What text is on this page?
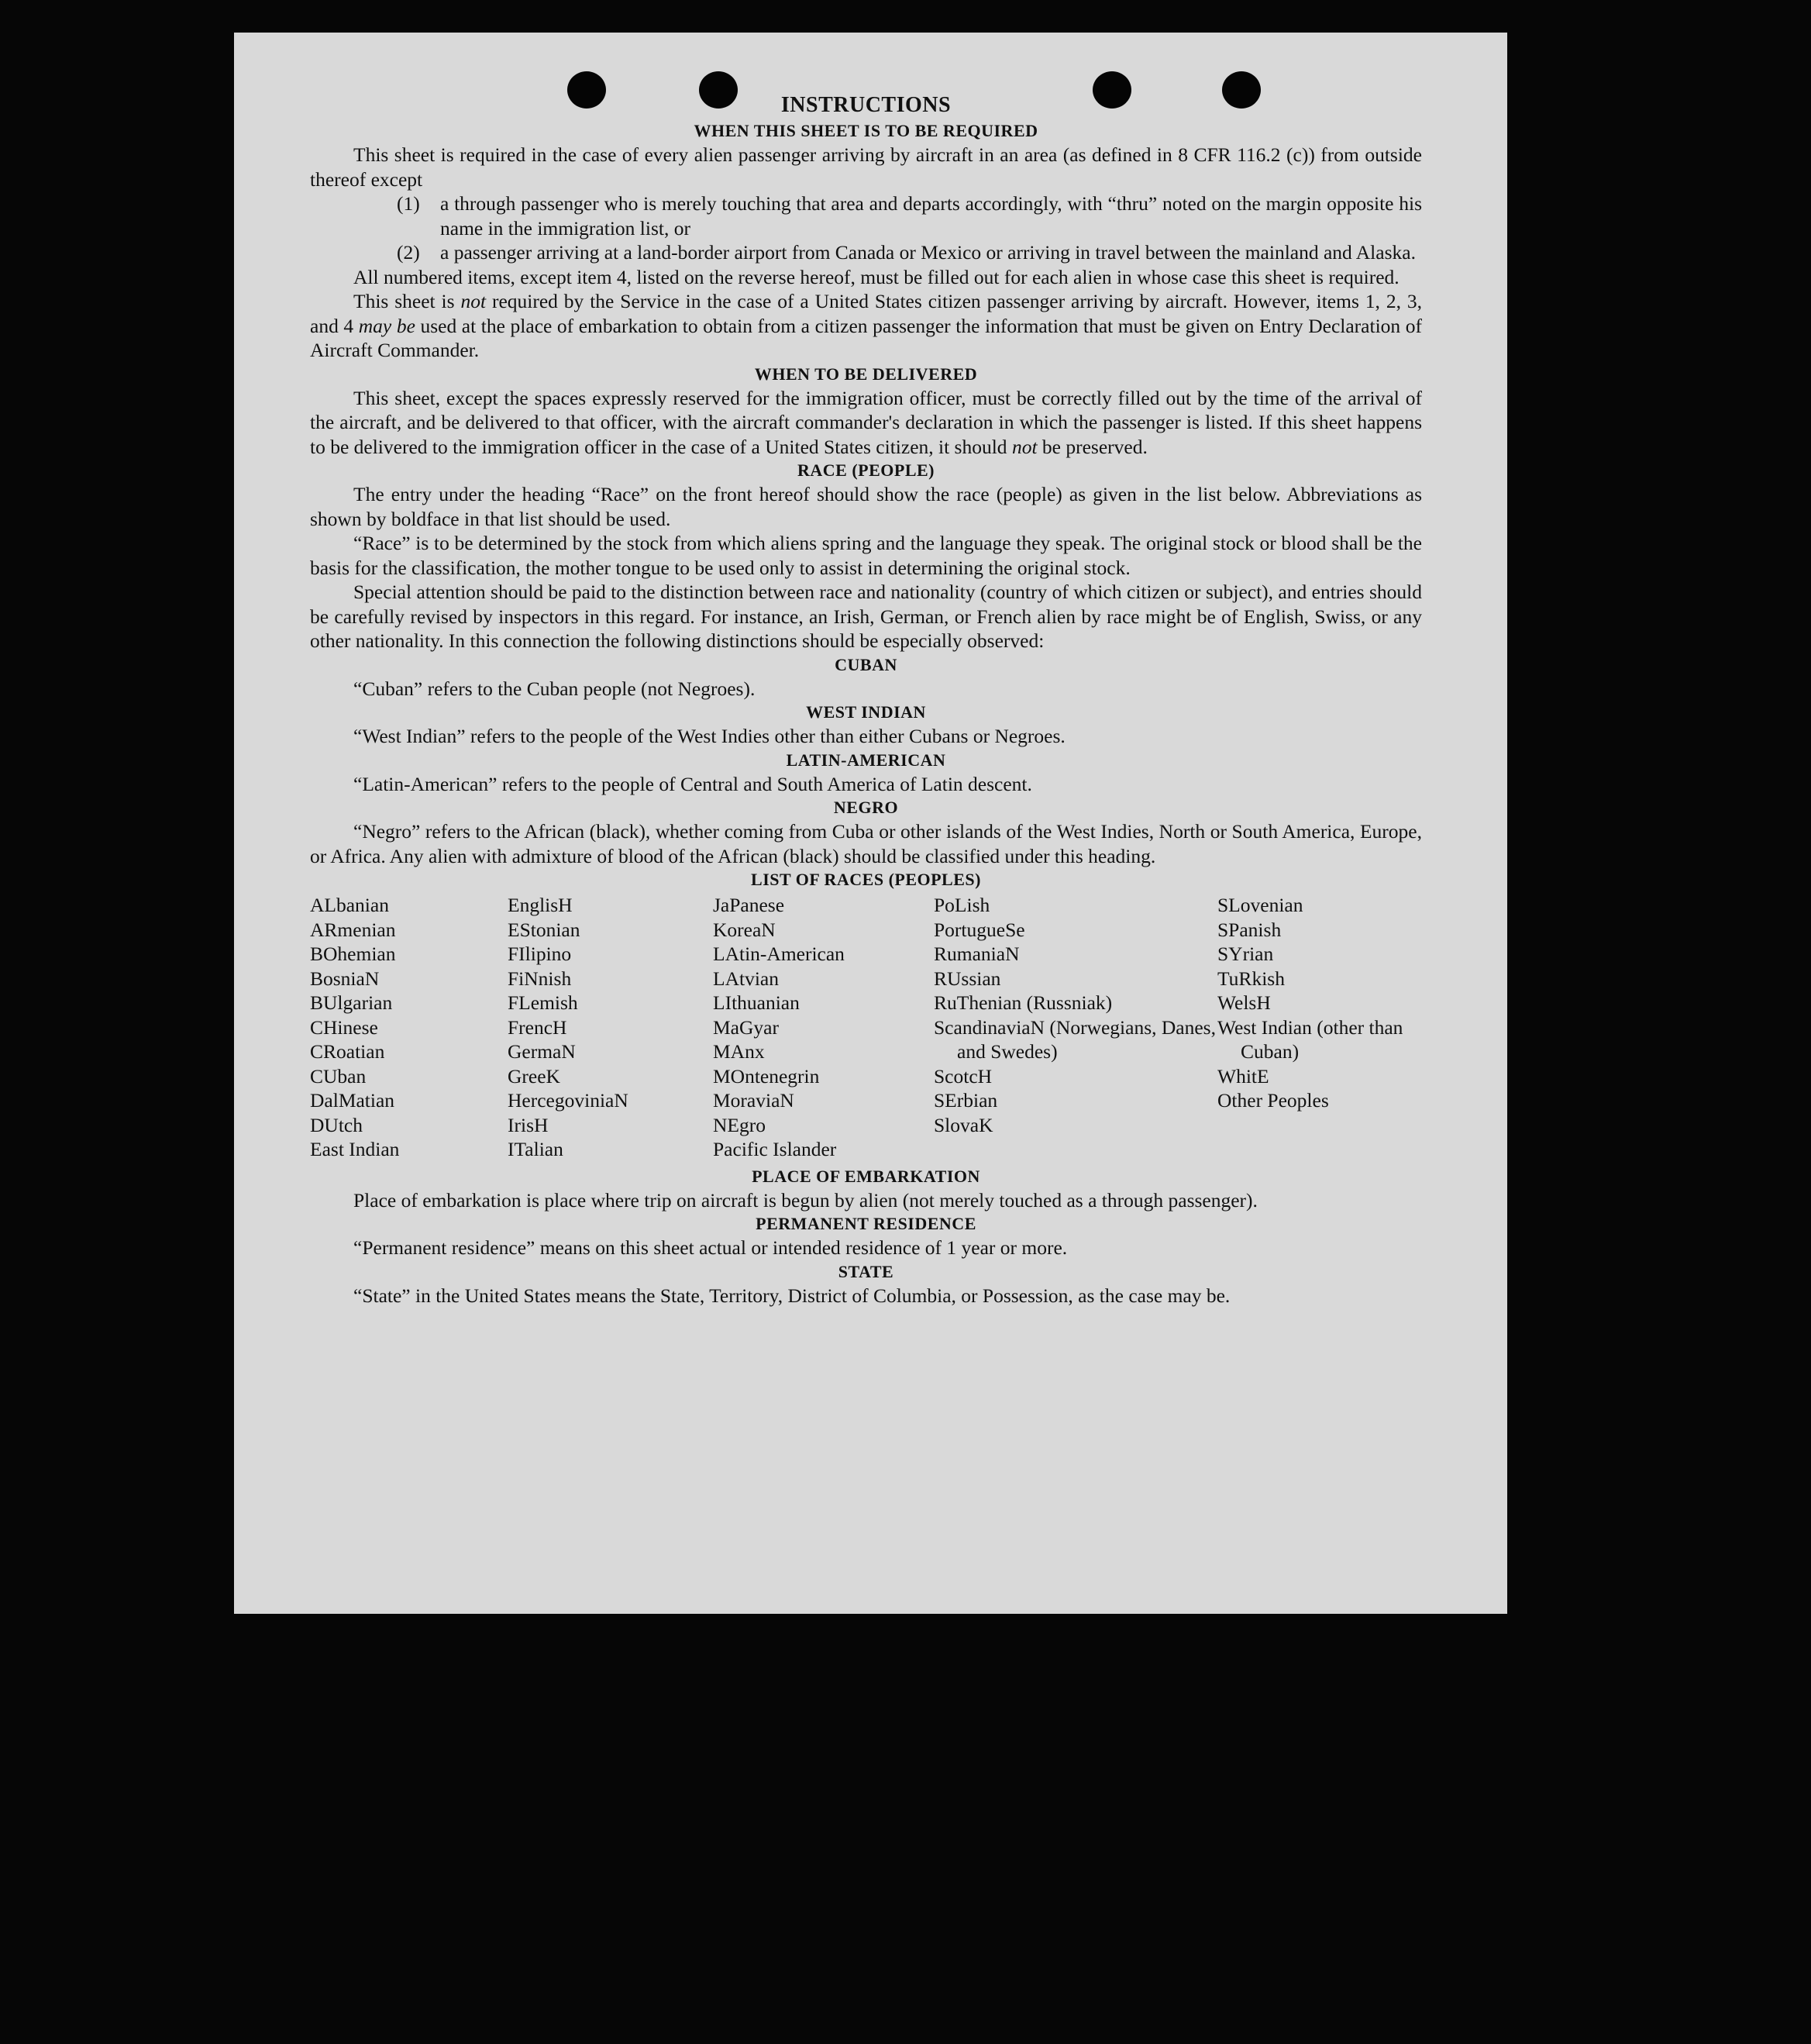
INSTRUCTIONS
WHEN THIS SHEET IS TO BE REQUIRED

This sheet is required in the case of every alien passenger arriving by aircraft in an area (as defined in 8 CFR 116.2 (c)) from outside thereof except

(1)	a through passenger who is merely touching that area and departs accordingly, with “thru” noted on the margin opposite his name in the immigration list, or
(2)	a passenger arriving at a land-border airport from Canada or Mexico or arriving in travel between the mainland and Alaska.

All numbered items, except item 4, listed on the reverse hereof, must be filled out for each alien in whose case this sheet is required.

This sheet is not required by the Service in the case of a United States citizen passenger arriving by aircraft. However, items 1, 2, 3, and 4 may be used at the place of embarkation to obtain from a citizen passenger the information that must be given on Entry Declaration of Aircraft Commander.

WHEN TO BE DELIVERED

This sheet, except the spaces expressly reserved for the immigration officer, must be correctly filled out by the time of the arrival of the aircraft, and be delivered to that officer, with the aircraft commander's declaration in which the passenger is listed. If this sheet happens to be delivered to the immigration officer in the case of a United States citizen, it should not be preserved.

RACE (PEOPLE)

The entry under the heading “Race” on the front hereof should show the race (people) as given in the list below. Abbreviations as shown by boldface in that list should be used.

“Race” is to be determined by the stock from which aliens spring and the language they speak. The original stock or blood shall be the basis for the classification, the mother tongue to be used only to assist in determining the original stock.

Special attention should be paid to the distinction between race and nationality (country of which citizen or subject), and entries should be carefully revised by inspectors in this regard. For instance, an Irish, German, or French alien by race might be of English, Swiss, or any other nationality. In this connection the following distinctions should be especially observed:

CUBAN

“Cuban” refers to the Cuban people (not Negroes).

WEST INDIAN

“West Indian” refers to the people of the West Indies other than either Cubans or Negroes.

LATIN-AMERICAN

“Latin-American” refers to the people of Central and South America of Latin descent.

NEGRO

“Negro” refers to the African (black), whether coming from Cuba or other islands of the West Indies, North or South America, Europe, or Africa. Any alien with admixture of blood of the African (black) should be classified under this heading.

LIST OF RACES (PEOPLES)
ALbanian
ARmenian
BOhemian
BosniaN
BUlgarian
CHinese
CRoatian
CUban
DalMatian
DUtch
East Indian
EnglisH
EStonian
FIlipino
FiNnish
FLemish
FrencH
GermaN
GreeK
HercegoviniaN
IrisH
ITalian
JaPanese
KoreaN
LAtin-American
LAtvian
LIthuanian
MaGyar
MAnx
MOntenegrin
MoraviaN
NEgro
Pacific Islander
PoLish
PortugueSe
RumaniaN
RUssian
RuThenian (Russniak)
ScandinaviaN (Norwegians, Danes, and Swedes)
ScotcH
SErbian
SlovaK
SLovenian
SPanish
SYrian
TuRkish
WelsH
West Indian (other than Cuban)
WhitE
Other Peoples
PLACE OF EMBARKATION

Place of embarkation is place where trip on aircraft is begun by alien (not merely touched as a through passenger).

PERMANENT RESIDENCE

“Permanent residence” means on this sheet actual or intended residence of 1 year or more.

STATE

“State” in the United States means the State, Territory, District of Columbia, or Possession, as the case may be.
